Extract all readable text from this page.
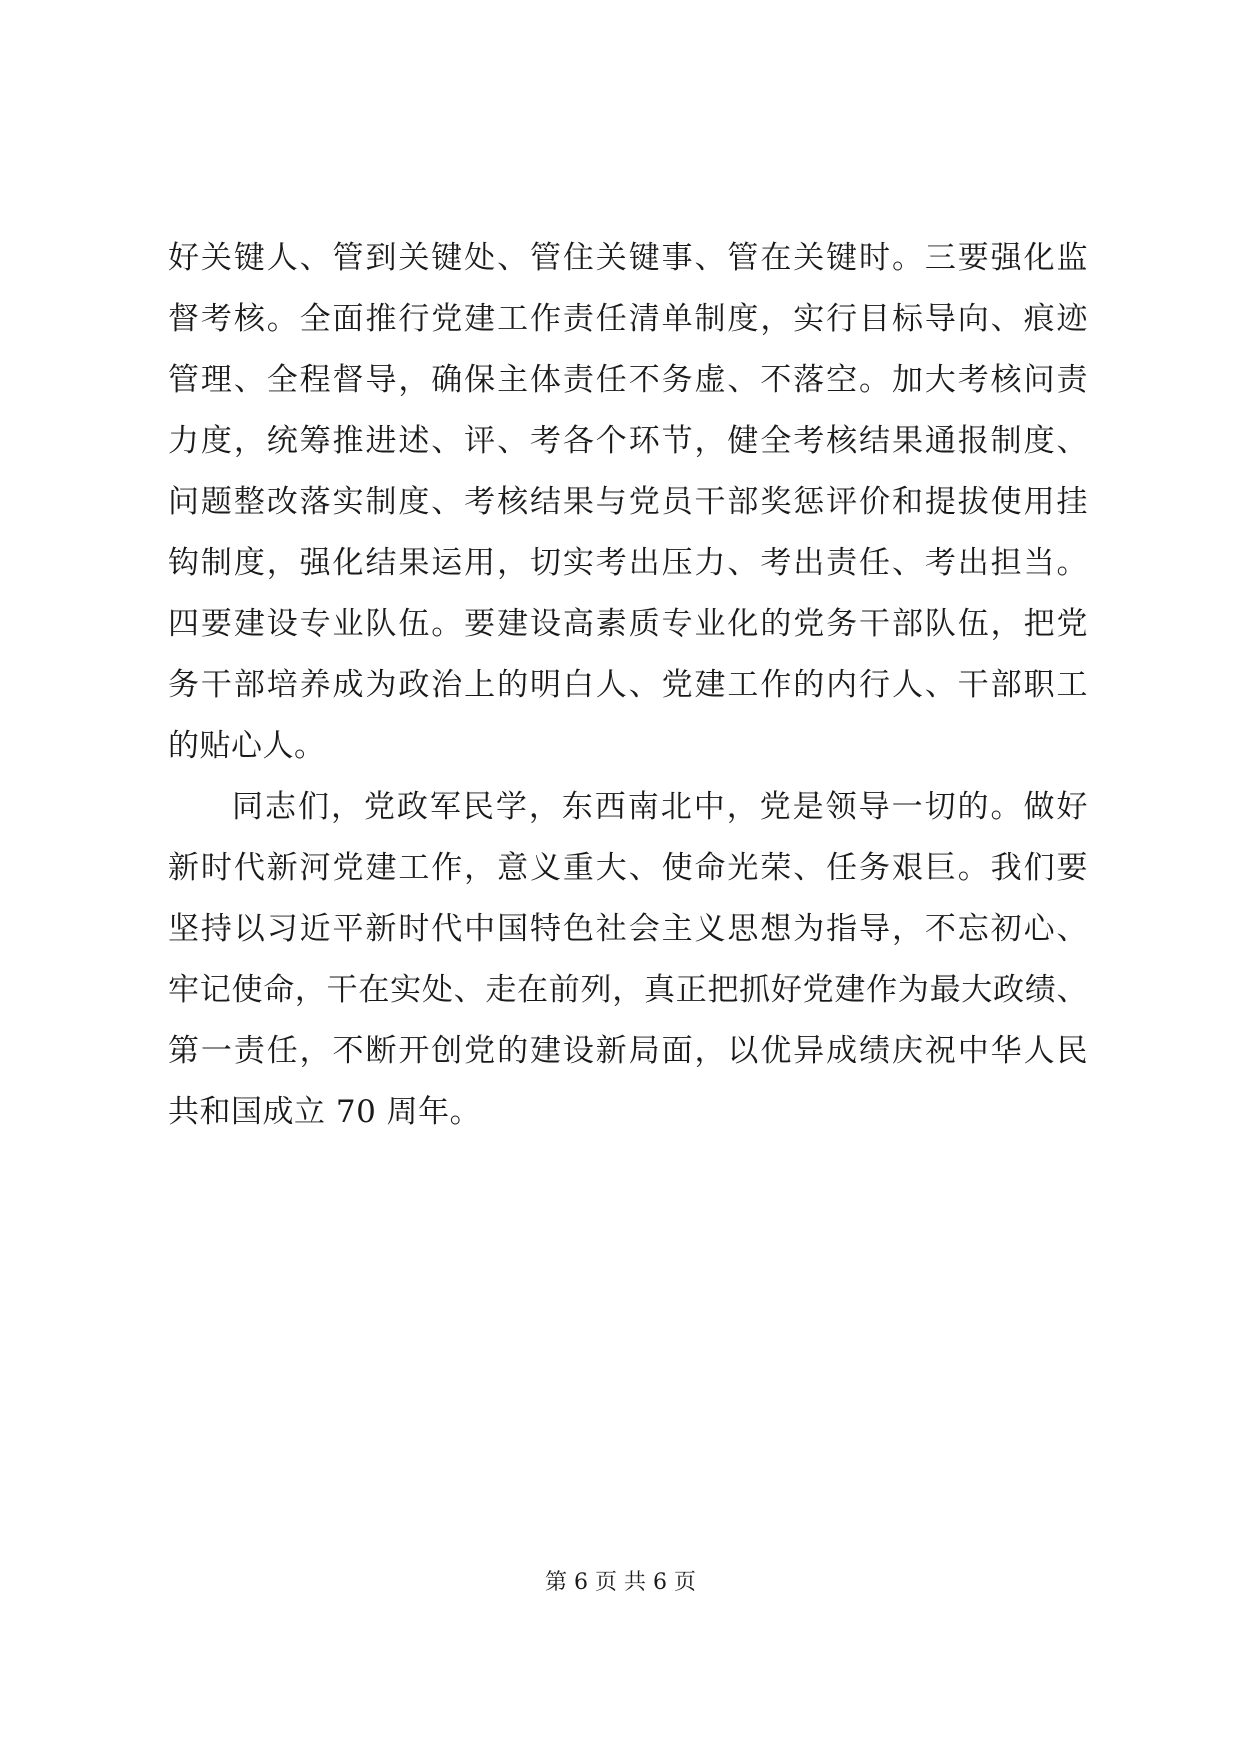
好关键人、管到关键处、管住关键事、管在关键时。三要强化监
督考核。全面推行党建工作责任清单制度，实行目标导向、痕迹
管理、全程督导，确保主体责任不务虚、不落空。加大考核问责
力度，统筹推进述、评、考各个环节，健全考核结果通报制度、
问题整改落实制度、考核结果与党员干部奖惩评价和提拔使用挂
钩制度，强化结果运用，切实考出压力、考出责任、考出担当。
四要建设专业队伍。要建设高素质专业化的党务干部队伍，把党
务干部培养成为政治上的明白人、党建工作的内行人、干部职工
的贴心人。
同志们，党政军民学，东西南北中，党是领导一切的。做好
新时代新河党建工作，意义重大、使命光荣、任务艰巨。我们要
坚持以习近平新时代中国特色社会主义思想为指导，不忘初心、
牢记使命，干在实处、走在前列，真正把抓好党建作为最大政绩、
第一责任，不断开创党的建设新局面，以优异成绩庆祝中华人民
共和国成立 70 周年。
第 6 页 共 6 页
